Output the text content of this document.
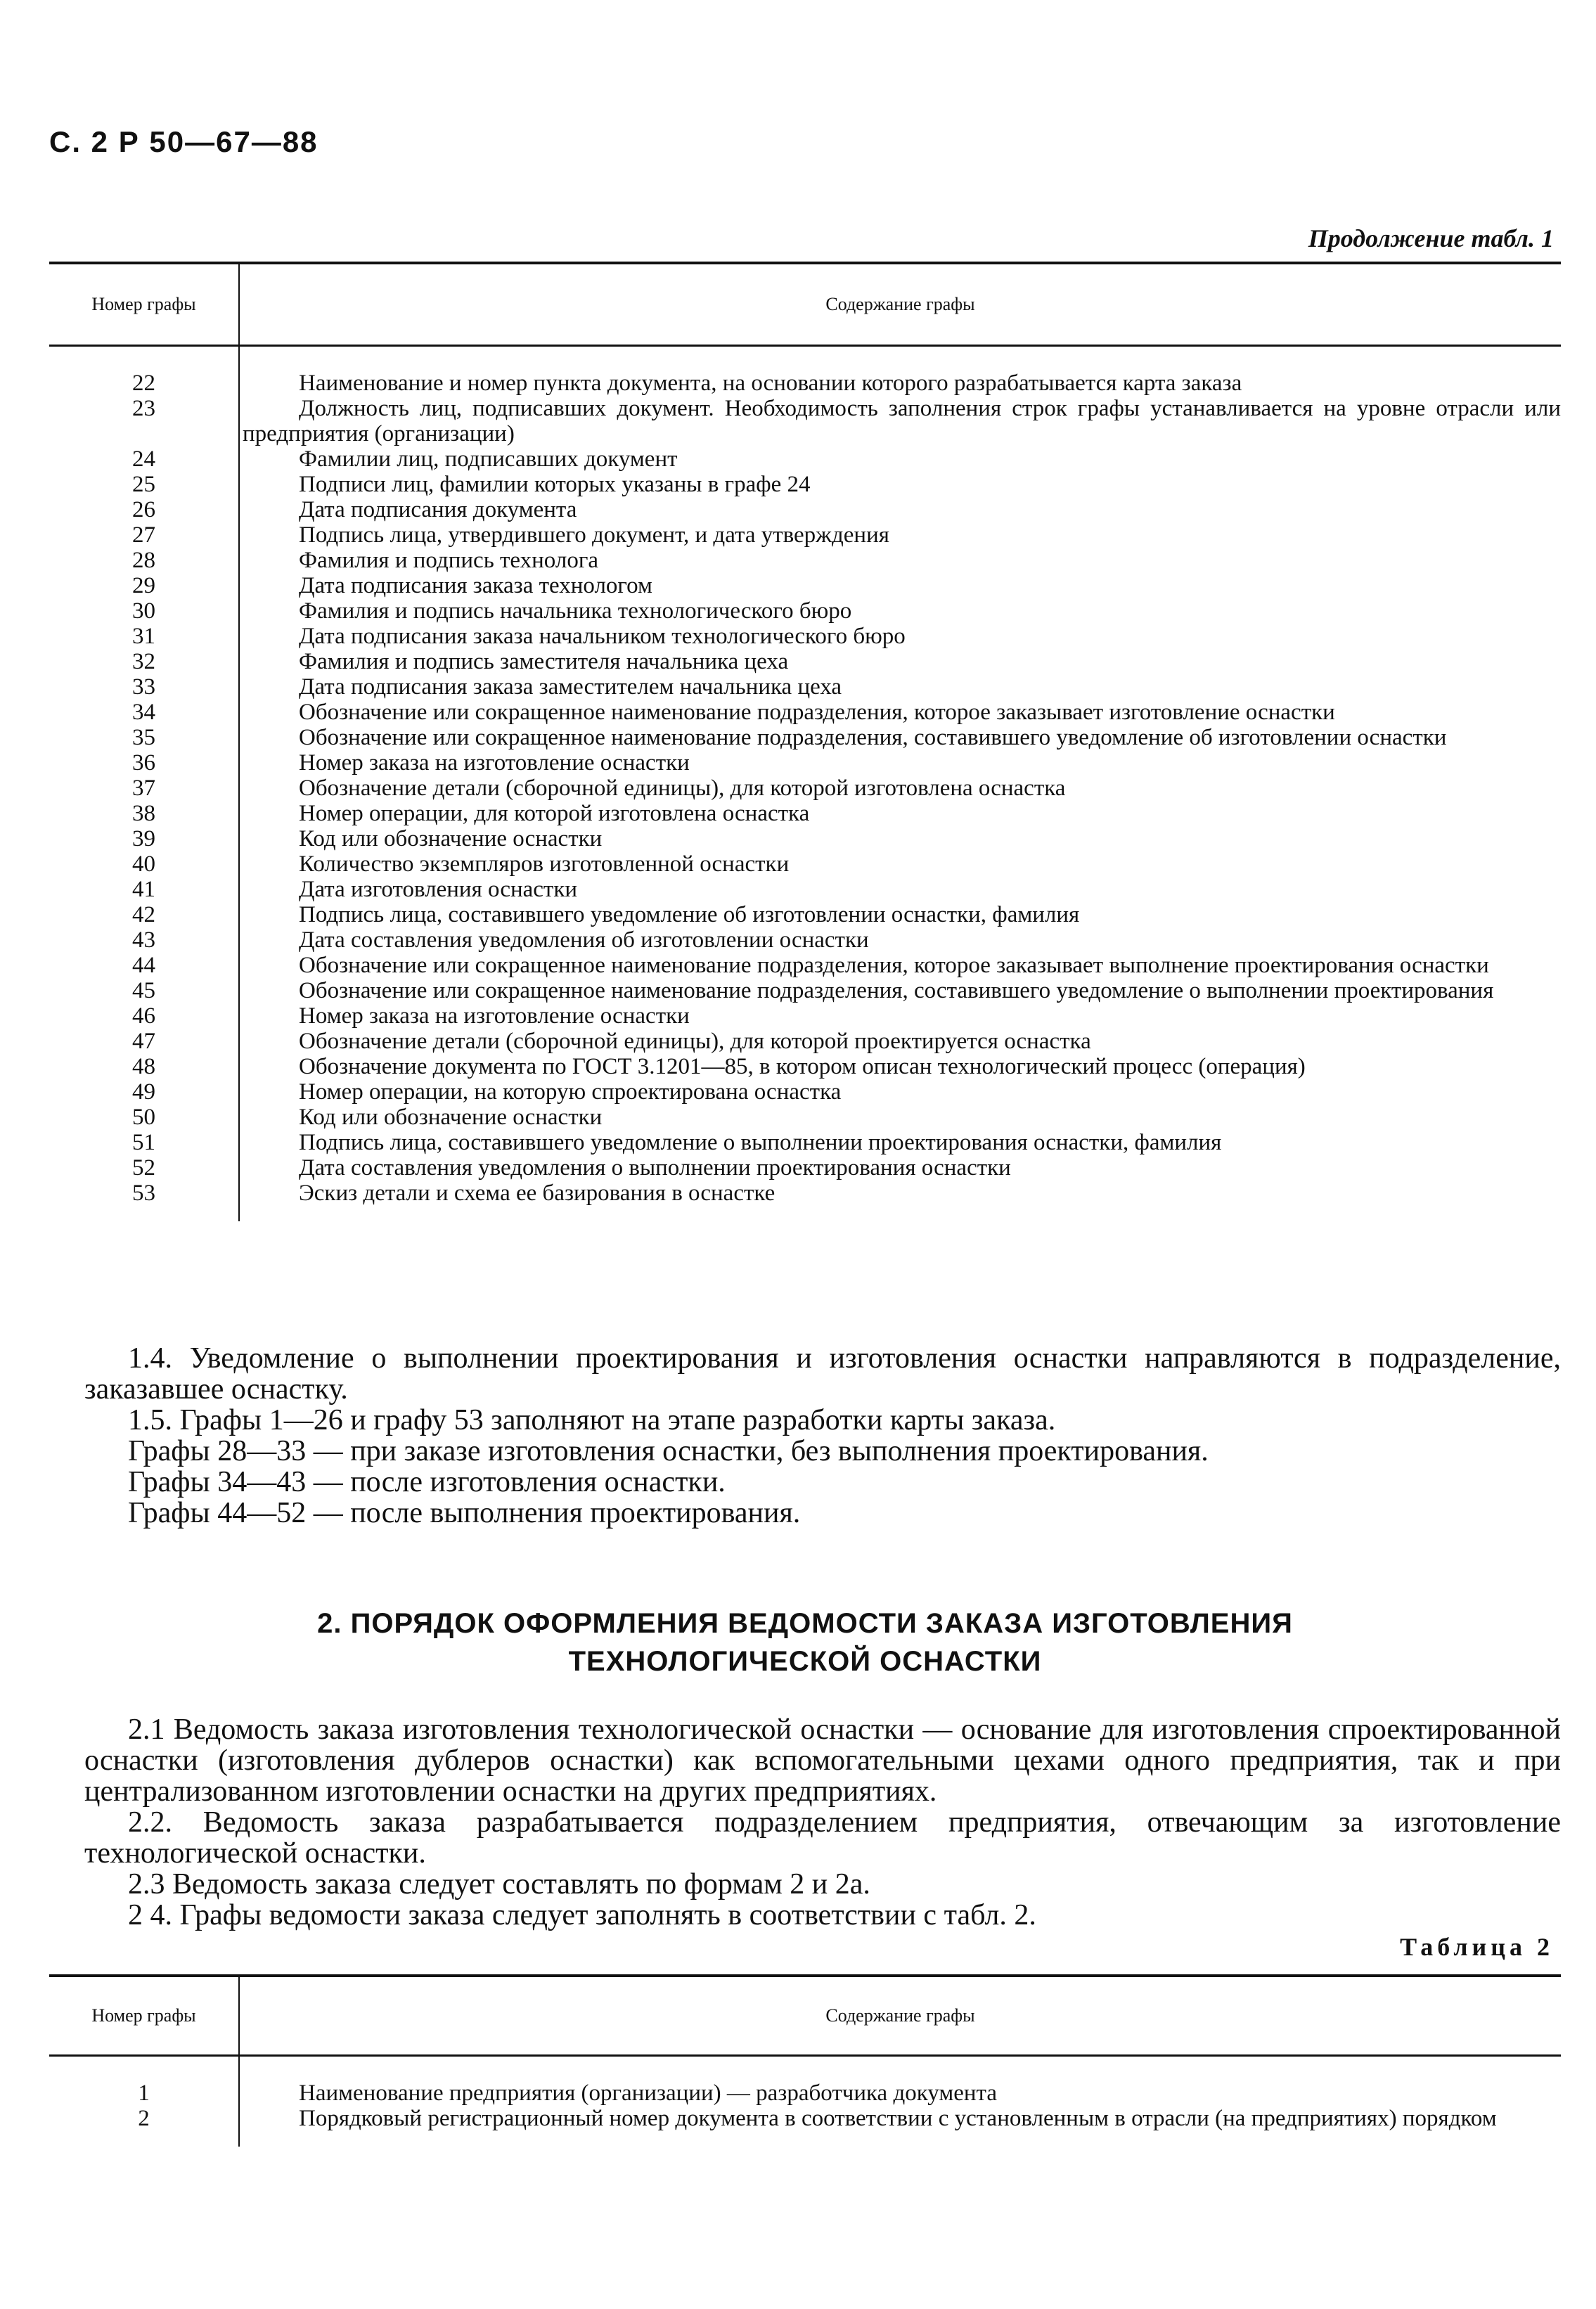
С. 2 Р 50—67—88
Продолжение табл. 1
Номер графы	Содержание графы
22	Наименование и номер пункта документа, на основании которого разрабатывается карта заказа

23	Должность лиц, подписавших документ. Необходимость заполнения строк графы устанавливается на уровне отрасли или предприятия (организации)

24	Фамилии лиц, подписавших документ

25	Подписи лиц, фамилии которых указаны в графе 24

26	Дата подписания документа

27	Подпись лица, утвердившего документ, и дата утверждения

28	Фамилия и подпись технолога

29	Дата подписания заказа технологом

30	Фамилия и подпись начальника технологического бюро

31	Дата подписания заказа начальником технологического бюро

32	Фамилия и подпись заместителя начальника цеха

33	Дата подписания заказа заместителем начальника цеха

34	Обозначение или сокращенное наименование подразделения, которое заказывает изготовление оснастки

35	Обозначение или сокращенное наименование подразделения, составившего уведомление об изготовлении оснастки

36	Номер заказа на изготовление оснастки

37	Обозначение детали (сборочной единицы), для которой изготовлена оснастка

38	Номер операции, для которой изготовлена оснастка

39	Код или обозначение оснастки

40	Количество экземпляров изготовленной оснастки

41	Дата изготовления оснастки

42	Подпись лица, составившего уведомление об изготовлении оснастки, фамилия

43	Дата составления уведомления об изготовлении оснастки

44	Обозначение или сокращенное наименование подразделения, которое заказывает выполнение проектирования оснастки

45	Обозначение или сокращенное наименование подразделения, составившего уведомление о выполнении проектирования

46	Номер заказа на изготовление оснастки

47	Обозначение детали (сборочной единицы), для которой проектируется оснастка

48	Обозначение документа по ГОСТ 3.1201—85, в котором описан технологический процесс (операция)

49	Номер операции, на которую спроектирована оснастка

50	Код или обозначение оснастки

51	Подпись лица, составившего уведомление о выполнении проектирования оснастки, фамилия

52	Дата составления уведомления о выполнении проектирования оснастки

53	Эскиз детали и схема ее базирования в оснастке

1.4. Уведомление о выполнении проектирования и изготовления оснастки направляются в подразделение, заказавшее оснастку.

1.5. Графы 1—26 и графу 53 заполняют на этапе разработки карты заказа.

Графы 28—33 — при заказе изготовления оснастки, без выполнения проектирования.

Графы 34—43 — после изготовления оснастки.

Графы 44—52 — после выполнения проектирования.

2. ПОРЯДОК ОФОРМЛЕНИЯ ВЕДОМОСТИ ЗАКАЗА ИЗГОТОВЛЕНИЯ
ТЕХНОЛОГИЧЕСКОЙ ОСНАСТКИ

2.1 Ведомость заказа изготовления технологической оснастки — основание для изготовления спроектированной оснастки (изготовления дублеров оснастки) как вспомогательными цехами одного предприятия, так и при централизованном изготовлении оснастки на других предприятиях.

2.2. Ведомость заказа разрабатывается подразделением предприятия, отвечающим за изготовление технологической оснастки.

2.3 Ведомость заказа следует составлять по формам 2 и 2а.

2 4. Графы ведомости заказа следует заполнять в соответствии с табл. 2.

Таблица 2
Номер графы	Содержание графы
1	Наименование предприятия (организации) — разработчика документа

2	Порядковый регистрационный номер документа в соответствии с установленным в отрасли (на предприятиях) порядком
